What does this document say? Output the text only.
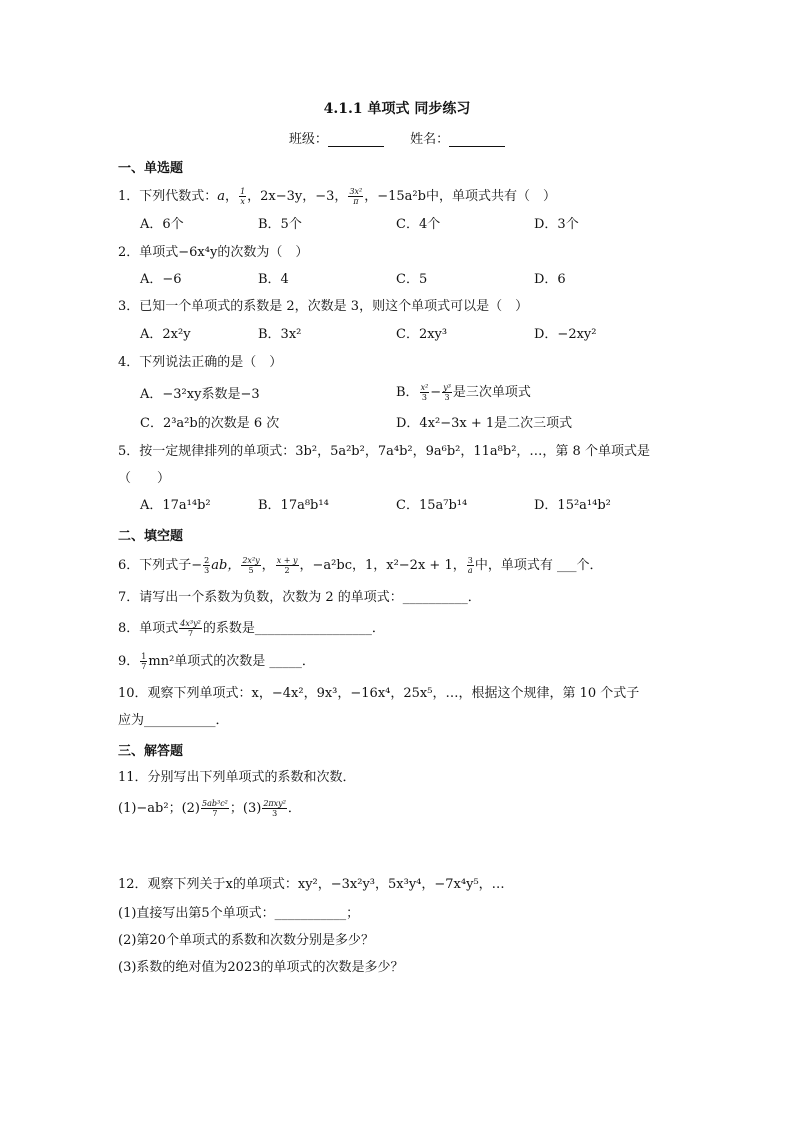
4.1.1 单项式 同步练习
班级：	姓名：
一、单选题
1．下列代数式：a， $\frac{1}{x}$ ，2x−3y，−3， $\frac{\text{3x²}}{\pi}$ ，−15a²b中，单项式共有（　）
A．6个	B．5个	C．4个	D．3个
2．单项式−6x⁴y的次数为（　）
A．−6	B．4	C．5	D．6
3．已知一个单项式的系数是 2，次数是 3，则这个单项式可以是（　）
A．2x²y	B．3x²	C．2xy³	D．−2xy²
4．下列说法正确的是（　）
A．−3²xy系数是−3	B． $\frac{\text{x²}}{3} - \frac{\text{y³}}{3}$ 是三次单项式
C．2³a²b的次数是 6 次	D．4x²−3x + 1是二次三项式
5．按一定规律排列的单项式：3b²，5a²b²，7a⁴b²，9a⁶b²，11a⁸b²，…，第 8 个单项式是
（　　）
A．17a¹⁴b²	B．17a⁸b¹⁴	C．15a⁷b¹⁴	D．15²a¹⁴b²
二、填空题
6．下列式子− $\frac{2}{3}$ ab， $\frac{\text{2x²y}}{5}$ ， $\frac{x + y}{2}$ ，−a²bc，1，x²−2x + 1， $\frac{3}{a}$ 中，单项式有 ___个．
7．请写出一个系数为负数，次数为 2 的单项式：__________．
8．单项式 $\frac{\text{4x³y²}}{7}$ 的系数是__________________．
9． $\frac{1}{7} mn^2$单项式的次数是 _____．
10．观察下列单项式：x，−4x²，9x³，−16x⁴，25x⁵，…，根据这个规律，第 10 个式子
应为___________．
三、解答题
11．分别写出下列单项式的系数和次数．
(1)−ab²；$(2) \frac{\text{5ab³c²}}{7}$ ；(3) 2πxy²
3 ．
12．观察下列关于x的单项式：xy²，−3x²y³，5x³y⁴，−7x⁴y⁵，…
(1)直接写出第5个单项式：___________；
(2)第20个单项式的系数和次数分别是多少？
(3)系数的绝对值为2023的单项式的次数是多少？
